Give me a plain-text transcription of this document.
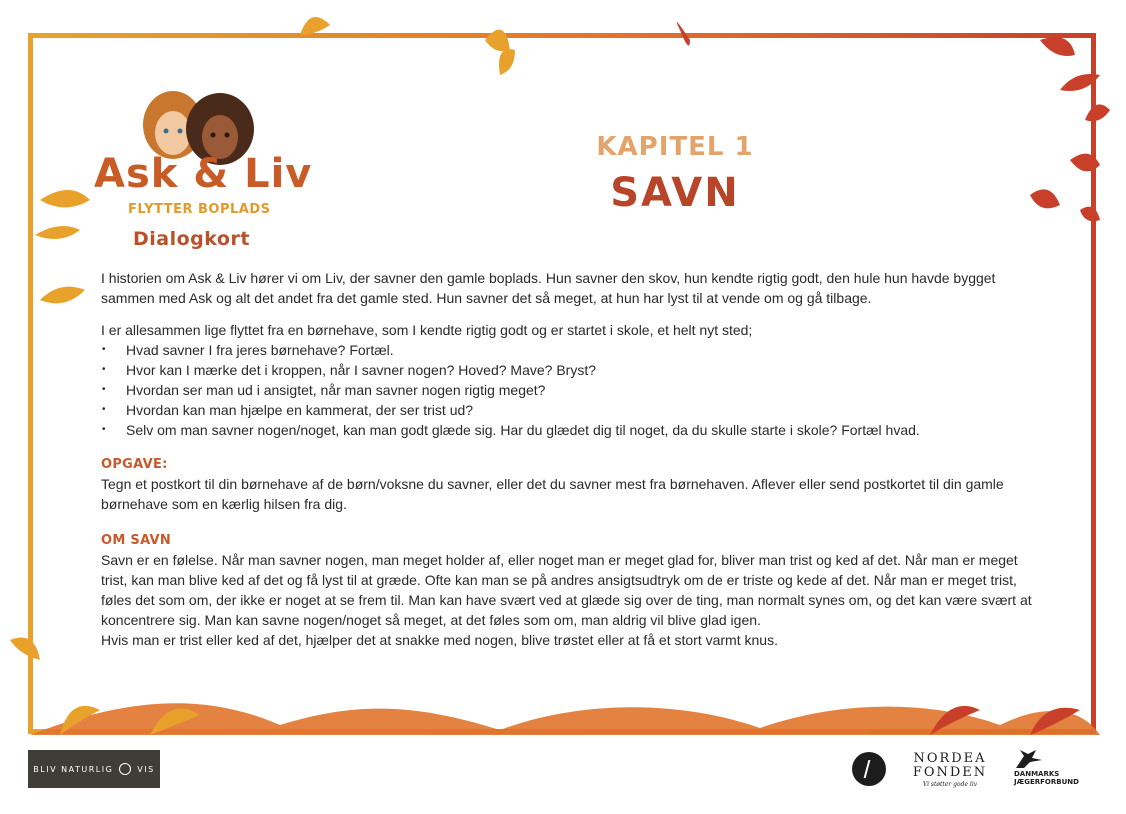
Ask & Liv
FLYTTER BOPLADS
Dialogkort
KAPITEL 1
SAVN

I historien om Ask & Liv hører vi om Liv, der savner den gamle boplads. Hun savner den skov, hun kendte rigtig godt, den hule hun havde bygget sammen med Ask og alt det andet fra det gamle sted. Hun savner det så meget, at hun har lyst til at vende om og gå tilbage.

I er allesammen lige flyttet fra en børnehave, som I kendte rigtig godt og er startet i skole, et helt nyt sted;

• Hvad savner I fra jeres børnehave? Fortæl.
• Hvor kan I mærke det i kroppen, når I savner nogen? Hoved? Mave? Bryst?
• Hvordan ser man ud i ansigtet, når man savner nogen rigtig meget?
• Hvordan kan man hjælpe en kammerat, der ser trist ud?
• Selv om man savner nogen/noget, kan man godt glæde sig. Har du glædet dig til noget, da du skulle starte i skole? Fortæl hvad.
OPGAVE:

Tegn et postkort til din børnehave af de børn/voksne du savner, eller det du savner mest fra børnehaven. Aflever eller send postkortet til din gamle børnehave som en kærlig hilsen fra dig.

OM SAVN

Savn er en følelse. Når man savner nogen, man meget holder af, eller noget man er meget glad for, bliver man trist og ked af det. Når man er meget trist, kan man blive ked af det og få lyst til at græde. Ofte kan man se på andres ansigtsudtryk om de er triste og kede af det. Når man er meget trist, føles det som om, der ikke er noget at se frem til. Man kan have svært ved at glæde sig over de ting, man normalt synes om, og det kan være svært at koncentrere sig. Man kan savne nogen/noget så meget, at det føles som om, man aldrig vil blive glad igen.

Hvis man er trist eller ked af det, hjælper det at snakke med nogen, blive trøstet eller at få et stort varmt knus.

BLIV NATURLIG	VIS
NORDEA
FONDEN
Vi støtter gode liv
DANMARKS
JÆGERFORBUND
